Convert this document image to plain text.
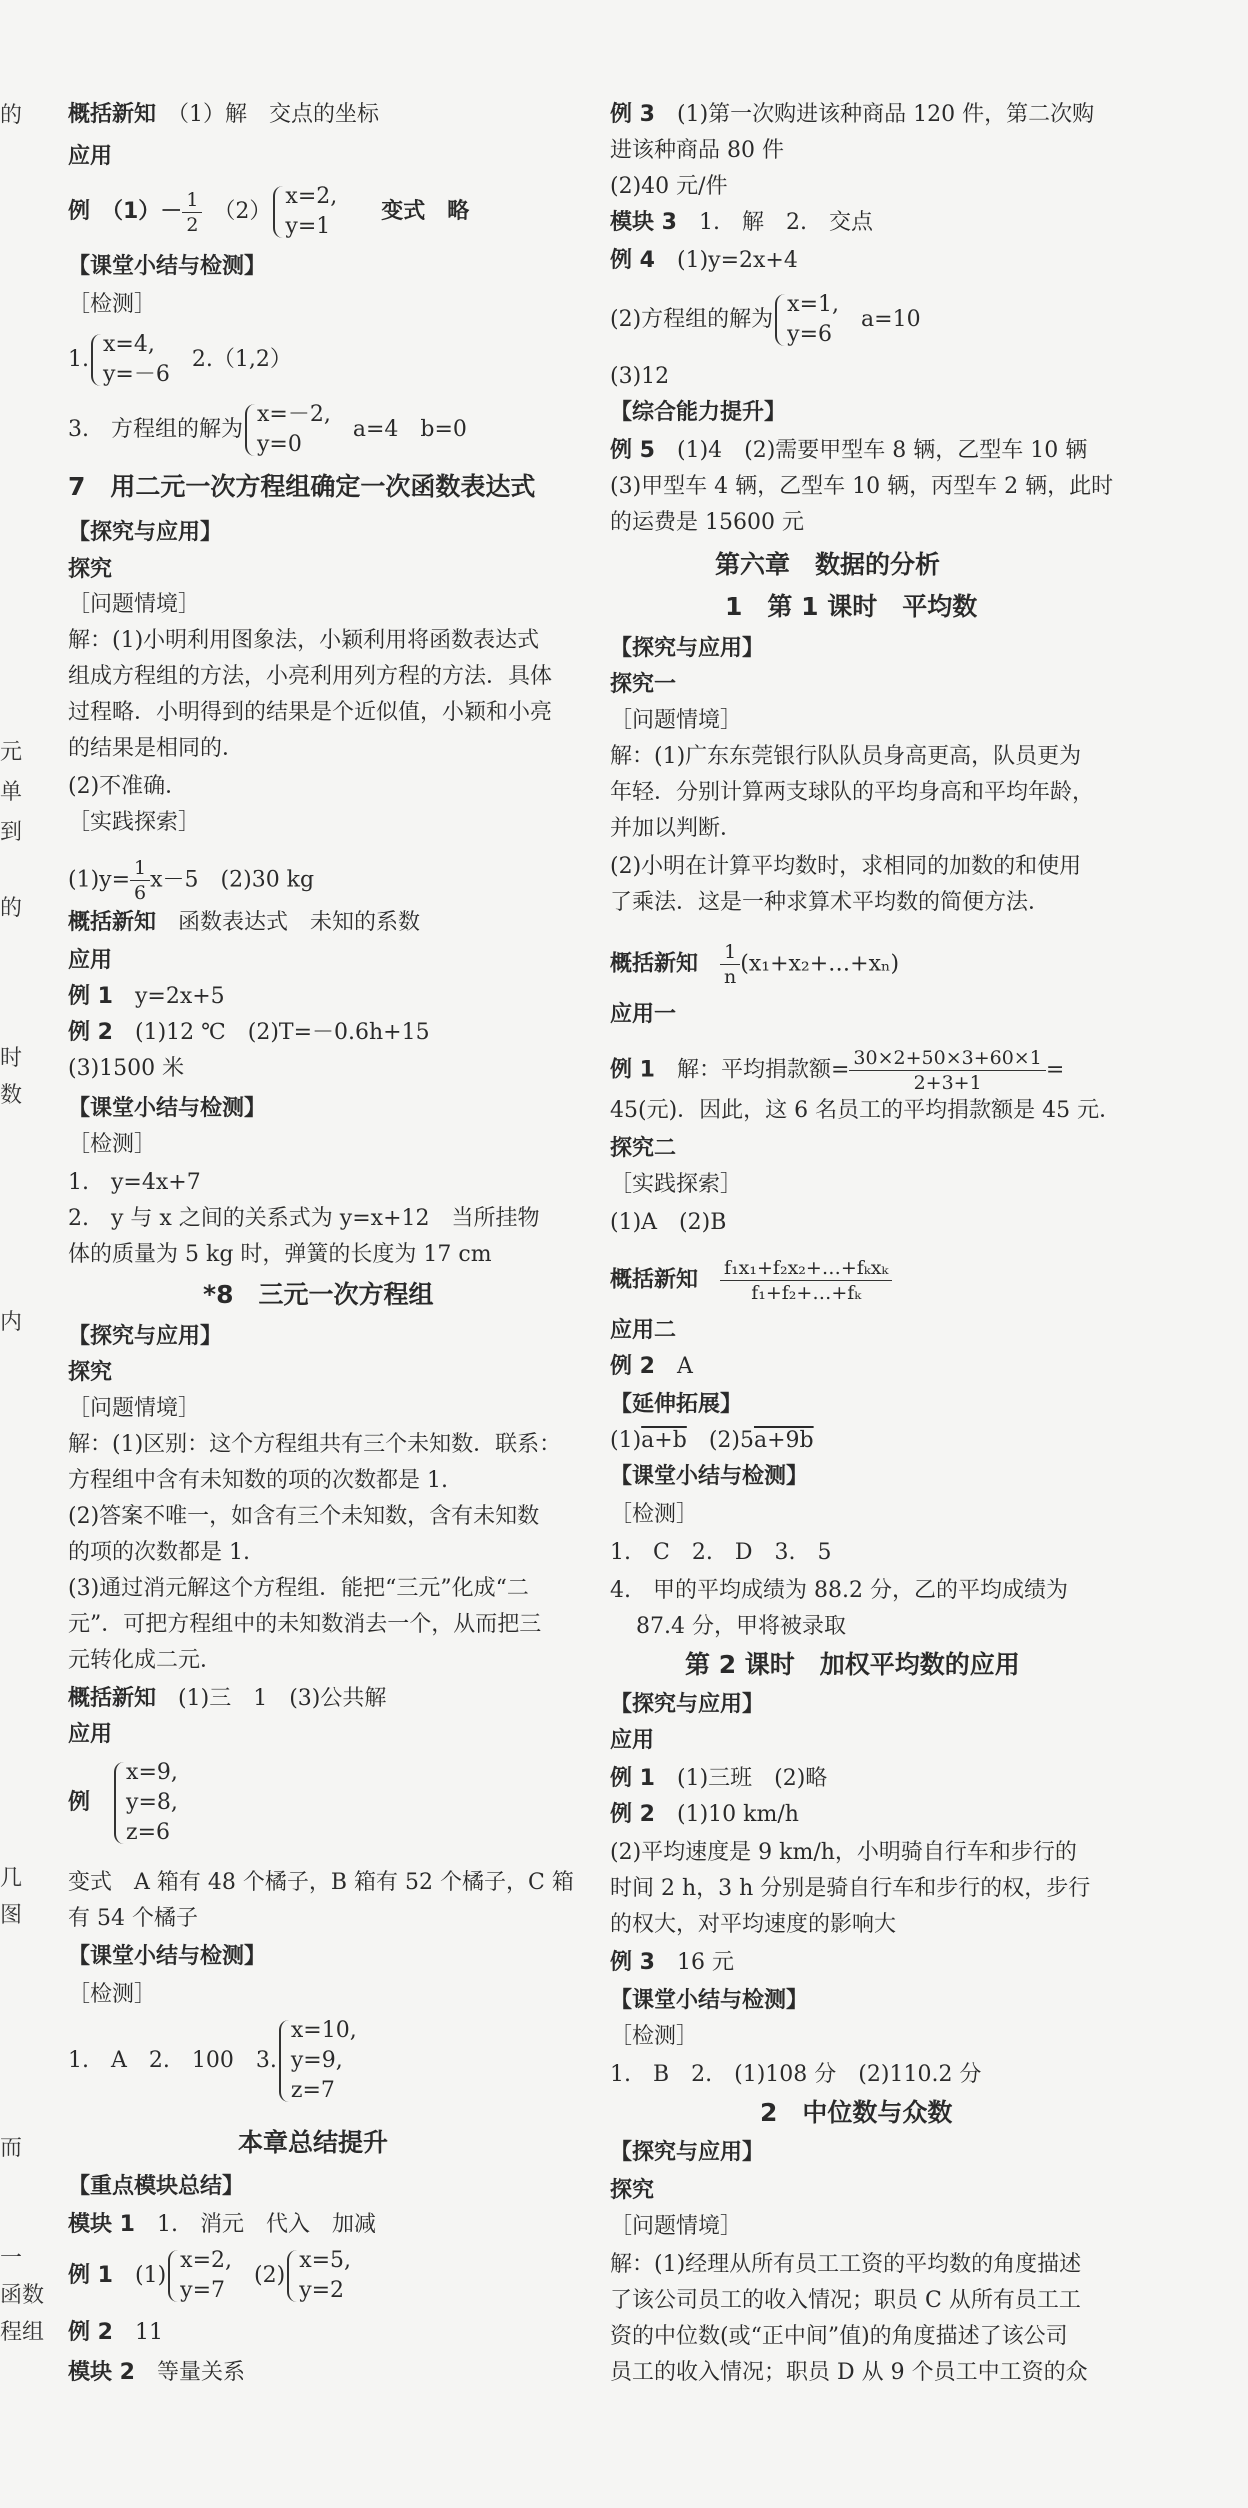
的
元
单
到
的
时
数
内
几
图
而
一
函数
程组
概括新知　 （1）解　交点的坐标
应用
例　$(1)- \frac{1}{2}$
　 （2）
x=2,
y=1
　　变式　略
【课堂小结与检测】
［检测］
1.
x=4,
y=－6
　2.（1,2）
3.　方程组的解为
x=－2,
y=0
　a=4　b=0
7　用二元一次方程组确定一次函数表达式
【探究与应用】
探究
［问题情境］
解：(1)小明利用图象法，小颖利用将函数表达式
组成方程组的方法，小亮利用列方程的方法．具体
过程略．小明得到的结果是个近似值，小颖和小亮
的结果是相同的．
(2)不准确．
［实践探索］
$(1)y= \frac{1}{6} x-5$　(2)30 kg
概括新知　 函数表达式　未知的系数
应用
例 1　 y=2x+5
例 2　 (1)12 ℃　(2)T=－0.6h+15
(3)1500 米
【课堂小结与检测】
［检测］
1.　y=4x+7
2.　y 与 x 之间的关系式为 y=x+12　当所挂物
体的质量为 5 kg 时，弹簧的长度为 17 cm
*8　三元一次方程组
【探究与应用】
探究
［问题情境］
解：(1)区别：这个方程组共有三个未知数．联系：
方程组中含有未知数的项的次数都是 1.
(2)答案不唯一，如含有三个未知数，含有未知数
的项的次数都是 1.
(3)通过消元解这个方程组．能把“三元”化成“二
元”．可把方程组中的未知数消去一个，从而把三
元转化成二元．
概括新知　 (1)三　1　(3)公共解
应用
例　
x=9,
y=8,
z=6
变式　A 箱有 48 个橘子，B 箱有 52 个橘子，C 箱
有 54 个橘子
【课堂小结与检测】
［检测］
1.　A　2.　100　3.
x=10,
y=9,
z=7
本章总结提升
【重点模块总结】
模块 1　 1.　消元　代入　加减
例 1　 (1)
x=2,
y=7
　(2)
x=5,
y=2
例 2　 11
模块 2　 等量关系
例 3　 (1)第一次购进该种商品 120 件，第二次购
进该种商品 80 件
(2)40 元/件
模块 3　 1.　解　2.　交点
例 4　 (1)y=2x+4
(2)方程组的解为
x=1,
y=6
　a=10
(3)12
【综合能力提升】
例 5　 (1)4　(2)需要甲型车 8 辆，乙型车 10 辆
(3)甲型车 4 辆，乙型车 10 辆，丙型车 2 辆，此时
的运费是 15600 元
第六章　数据的分析
1　第 1 课时　平均数
【探究与应用】
探究一
［问题情境］
解：(1)广东东莞银行队队员身高更高，队员更为
年轻．分别计算两支球队的平均身高和平均年龄，
并加以判断．
(2)小明在计算平均数时，求相同的加数的和使用
了乘法．这是一种求算术平均数的简便方法．
概括新知　 $\frac{1}{n}$ (x₁+x₂+…+xₙ)
应用一
例 1　 解：平均捐款额= $\frac{30\times 2+50\times 3+60\times 1}{2+3+1}$ =
45(元)．因此，这 6 名员工的平均捐款额是 45 元．
探究二
［实践探索］
(1)A　(2)B
概括新知　 $\frac{\text{f₁x₁+f₂x₂+…+fₖxₖ}}{\text{f₁+f₂+…+fₖ}}$
应用二
例 2　 A
【延伸拓展】
(1)a+b　(2)5a+9b
【课堂小结与检测】
［检测］
1.　C　2.　D　3.　5
4.　甲的平均成绩为 88.2 分，乙的平均成绩为
87.4 分，甲将被录取
第 2 课时　加权平均数的应用
【探究与应用】
应用
例 1　 (1)三班　(2)略
例 2　 (1)10 km/h
(2)平均速度是 9 km/h，小明骑自行车和步行的
时间 2 h，3 h 分别是骑自行车和步行的权，步行
的权大，对平均速度的影响大
例 3　 16 元
【课堂小结与检测】
［检测］
1.　B　2.　(1)108 分　(2)110.2 分
2　中位数与众数
【探究与应用】
探究
［问题情境］
解：(1)经理从所有员工工资的平均数的角度描述
了该公司员工的收入情况；职员 C 从所有员工工
资的中位数(或“正中间”值)的角度描述了该公司
员工的收入情况；职员 D 从 9 个员工中工资的众
